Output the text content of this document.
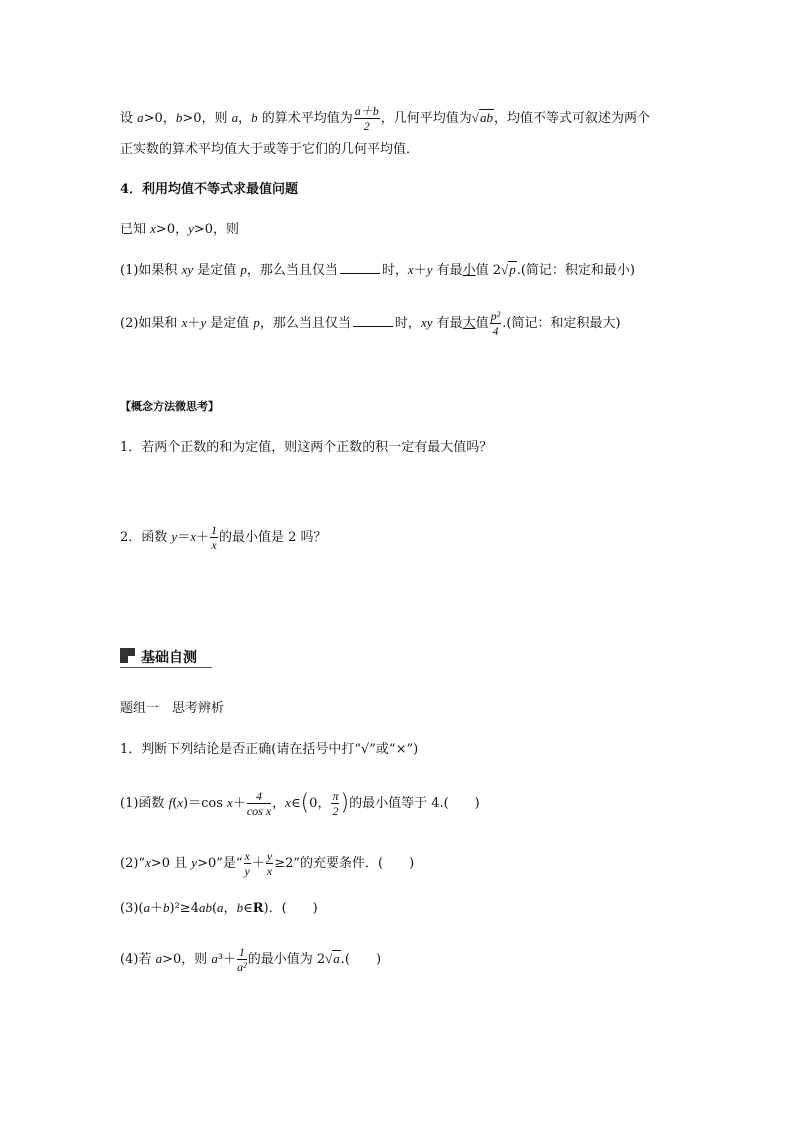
设 a>0，b>0，则 a，b 的算术平均值为 $\frac{a+b}{2}$ ，几何平均值为√ab，均值不等式可叙述为两个
正实数的算术平均值大于或等于它们的几何平均值．
4．利用均值不等式求最值问题
已知 x>0，y>0，则
(1)如果积 xy 是定值 p，那么当且仅当	时，x＋y 有最小值 2√p.(简记：积定和最小)
(2)如果和 x＋y 是定值 p，那么当且仅当	时，xy 有最大值 $\frac{\text{p²}}{4}$ .(简记：和定积最大)
【概念方法微思考】
1．若两个正数的和为定值，则这两个正数的积一定有最大值吗？
2．函数 $y=x+ \frac{1}{x}$ 的最小值是 2 吗？
基础自测
题组一　思考辨析
1．判断下列结论是否正确(请在括号中打“√”或“×”)
(1)函数 f(x)＝cos $x+ \frac{4}{\text{cos x}}$ ，x∈(0， $\frac{\pi}{2}$ )的最小值等于 4.(　　)
(2)“x>0 且 y>0”是“ $\frac{x}{y} + \frac{y}{x} \ge 2$”的充要条件．(　　)
(3)(a＋b)²≥4ab(a，b∈R)．(　　)
(4)若 a>0，则 $a^3+ \frac{1}{\text{a²}}$ 的最小值为 2√a.(　　)
